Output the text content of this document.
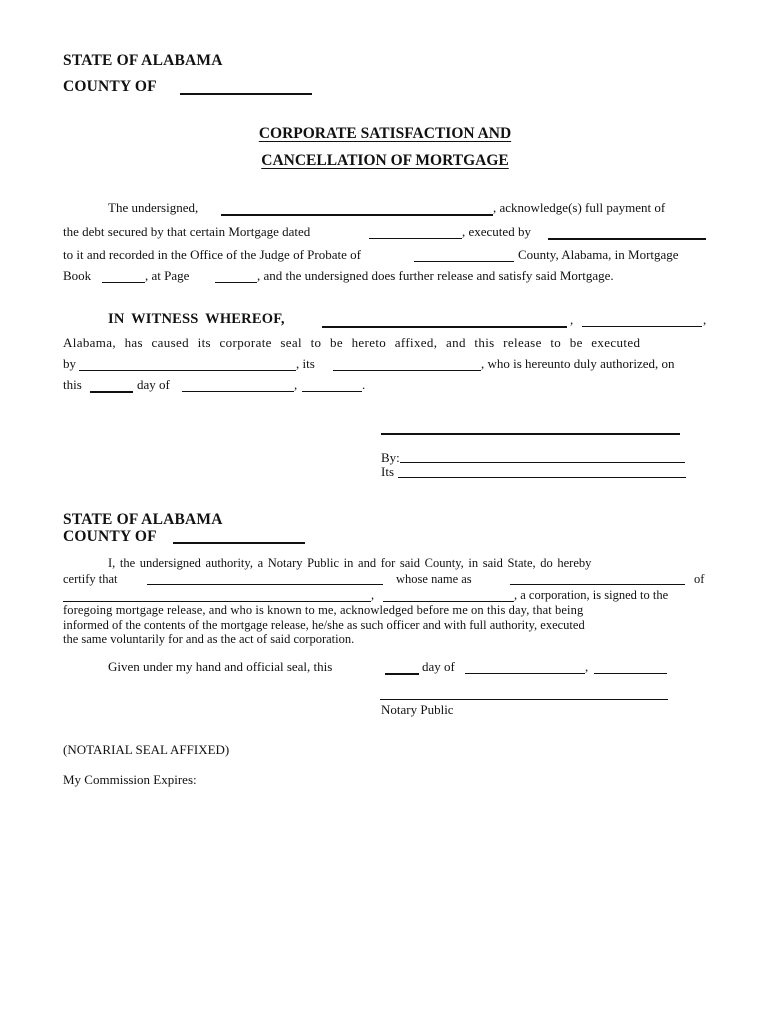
STATE OF ALABAMA
COUNTY OF
CORPORATE SATISFACTION AND
CANCELLATION OF MORTGAGE
The undersigned,	, acknowledge(s) full payment of
the debt secured by that certain Mortgage dated	, executed by
to it and recorded in the Office of the Judge of Probate of	County, Alabama, in Mortgage
Book	, at Page	, and the undersigned does further release and satisfy said Mortgage.
IN WITNESS WHEREOF,	,	,
Alabama, has caused its corporate seal to be hereto affixed, and this release to be executed
by	, its	, who is hereunto duly authorized, on
this	day of	,	.
By:
Its
STATE OF ALABAMA
COUNTY OF
I, the undersigned authority, a Notary Public in and for said County, in said State, do hereby
certify that	whose name as	of
,	, a corporation, is signed to the
foregoing mortgage release, and who is known to me, acknowledged before me on this day, that being
informed of the contents of the mortgage release, he/she as such officer and with full authority, executed
the same voluntarily for and as the act of said corporation.
Given under my hand and official seal, this	day of	,
Notary Public
(NOTARIAL SEAL AFFIXED)
My Commission Expires:
